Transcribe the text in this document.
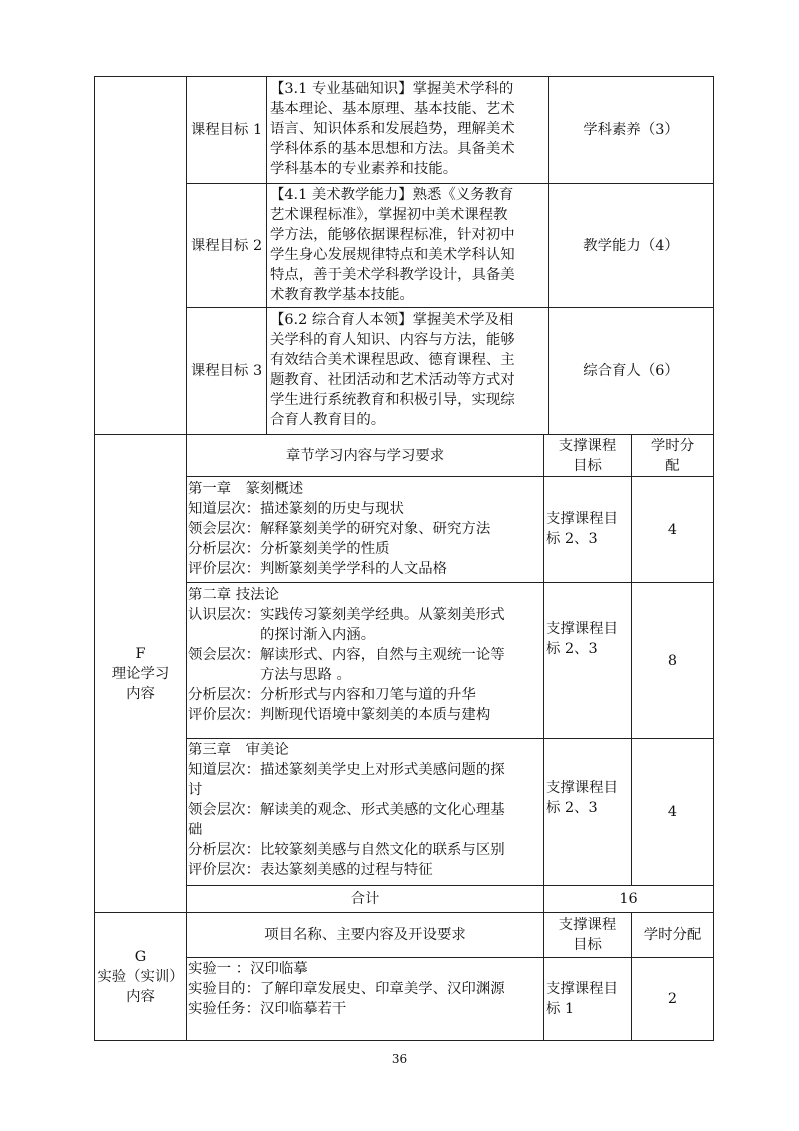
课程目标 1

【3.1 专业基础知识】掌握美术学科的

基本理论、基本原理、基本技能、艺术

语言、知识体系和发展趋势，理解美术

学科体系的基本思想和方法。具备美术

学科基本的专业素养和技能。

学科素养（3）
课程目标 2

【4.1 美术教学能力】熟悉《义务教育

艺术课程标准》，掌握初中美术课程教

学方法，能够依据课程标准，针对初中

学生身心发展规律特点和美术学科认知

特点，善于美术学科教学设计，具备美

术教育教学基本技能。

教学能力（4）
课程目标 3

【6.2 综合育人本领】掌握美术学及相

关学科的育人知识、内容与方法，能够

有效结合美术课程思政、德育课程、主

题教育、社团活动和艺术活动等方式对

学生进行系统教育和积极引导，实现综

合育人教育目的。

综合育人（6）

F

理论学习

内容

章节学习内容与学习要求

支撑课程

目标

学时分

配

第一章　篆刻概述

知道层次：描述篆刻的历史与现状

领会层次：解释篆刻美学的研究对象、研究方法

分析层次：分析篆刻美学的性质

评价层次：判断篆刻美学学科的人文品格

支撑课程目

标 2、3

4

第二章 技法论

认识层次：实践传习篆刻美学经典。从篆刻美形式

　　　　　的探讨渐入内涵。

领会层次：解读形式、内容，自然与主观统一论等

　　　　　方法与思路 。

分析层次：分析形式与内容和刀笔与道的升华

评价层次：判断现代语境中篆刻美的本质与建构

支撑课程目

标 2、3

8

第三章　审美论

知道层次：描述篆刻美学史上对形式美感问题的探

讨

领会层次：解读美的观念、形式美感的文化心理基

础

分析层次：比较篆刻美感与自然文化的联系与区别

评价层次：表达篆刻美感的过程与特征

支撑课程目

标 2、3	4
合计	16

G

实验（实训）

内容

项目名称、主要内容及开设要求

支撑课程

目标

学时分配

实验一 ：汉印临摹

实验目的：了解印章发展史、印章美学、汉印渊源

实验任务：汉印临摹若干

支撑课程目

标 1

2
36
